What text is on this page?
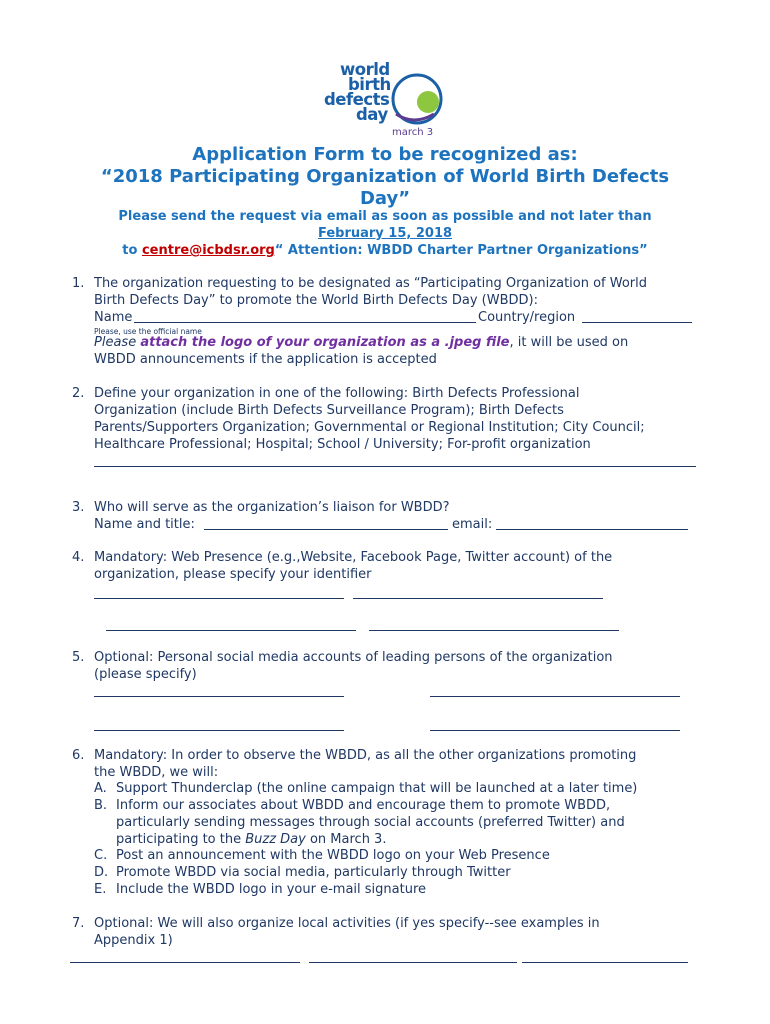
world
birth
defects
day
march 3
Application Form to be recognized as:
“2018 Participating Organization of World Birth Defects
Day”
Please send the request via email as soon as possible and not later than
February 15, 2018
to centre@icbdsr.org“ Attention: WBDD Charter Partner Organizations”
1. The organization requesting to be designated as “Participating Organization of World
Birth Defects Day” to promote the World Birth Defects Day (WBDD):
Name	Country/region
Please, use the official name
Please attach the logo of your organization as a .jpeg file, it will be used on
WBDD announcements if the application is accepted
2. Define your organization in one of the following: Birth Defects Professional
Organization (include Birth Defects Surveillance Program); Birth Defects
Parents/Supporters Organization; Governmental or Regional Institution; City Council;
Healthcare Professional; Hospital; School / University; For-profit organization
3. Who will serve as the organization’s liaison for WBDD?
Name and title:	email:
4. Mandatory: Web Presence (e.g.,Website, Facebook Page, Twitter account) of the
organization, please specify your identifier
5. Optional: Personal social media accounts of leading persons of the organization
(please specify)
6. Mandatory: In order to observe the WBDD, as all the other organizations promoting
the WBDD, we will:
A. Support Thunderclap (the online campaign that will be launched at a later time)
B. Inform our associates about WBDD and encourage them to promote WBDD,
particularly sending messages through social accounts (preferred Twitter) and
participating to the Buzz Day on March 3.
C. Post an announcement with the WBDD logo on your Web Presence
D. Promote WBDD via social media, particularly through Twitter
E. Include the WBDD logo in your e-mail signature
7. Optional: We will also organize local activities (if yes specify--see examples in
Appendix 1)
